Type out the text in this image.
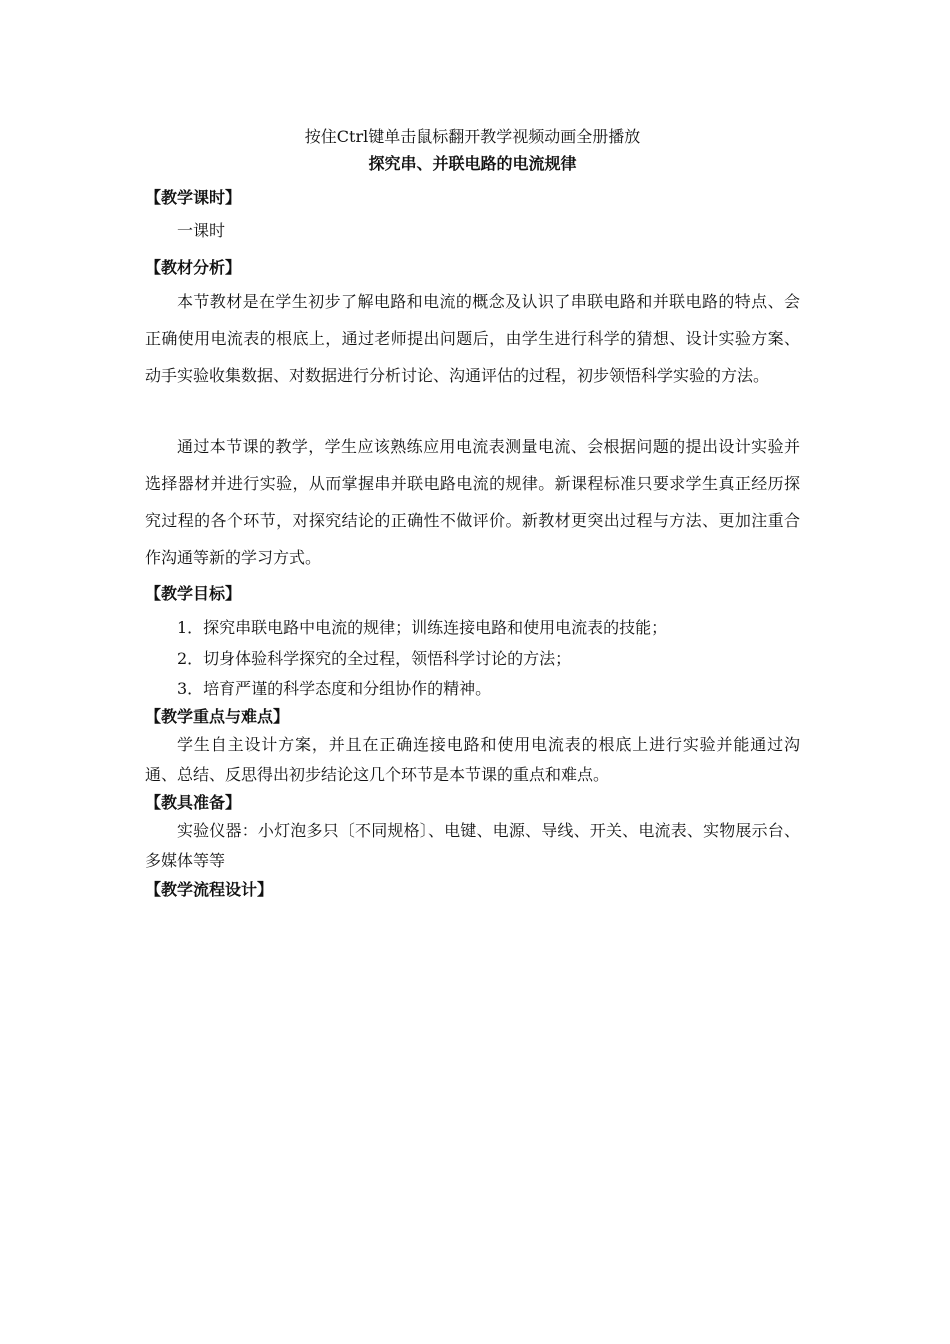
按住Ctrl键单击鼠标翻开教学视频动画全册播放
探究串、并联电路的电流规律
【教学课时】
一课时
【教材分析】

本节教材是在学生初步了解电路和电流的概念及认识了串联电路和并联电路的特点、会正确使用电流表的根底上，通过老师提出问题后，由学生进行科学的猜想、设计实验方案、动手实验收集数据、对数据进行分析讨论、沟通评估的过程，初步领悟科学实验的方法。

通过本节课的教学，学生应该熟练应用电流表测量电流、会根据问题的提出设计实验并选择器材并进行实验，从而掌握串并联电路电流的规律。新课程标准只要求学生真正经历探究过程的各个环节，对探究结论的正确性不做评价。新教材更突出过程与方法、更加注重合作沟通等新的学习方式。

【教学目标】
1．探究串联电路中电流的规律；训练连接电路和使用电流表的技能；
2．切身体验科学探究的全过程，领悟科学讨论的方法；
3．培育严谨的科学态度和分组协作的精神。
【教学重点与难点】

学生自主设计方案，并且在正确连接电路和使用电流表的根底上进行实验并能通过沟通、总结、反思得出初步结论这几个环节是本节课的重点和难点。

【教具准备】

实验仪器：小灯泡多只〔不同规格〕、电键、电源、导线、开关、电流表、实物展示台、多媒体等等

【教学流程设计】
